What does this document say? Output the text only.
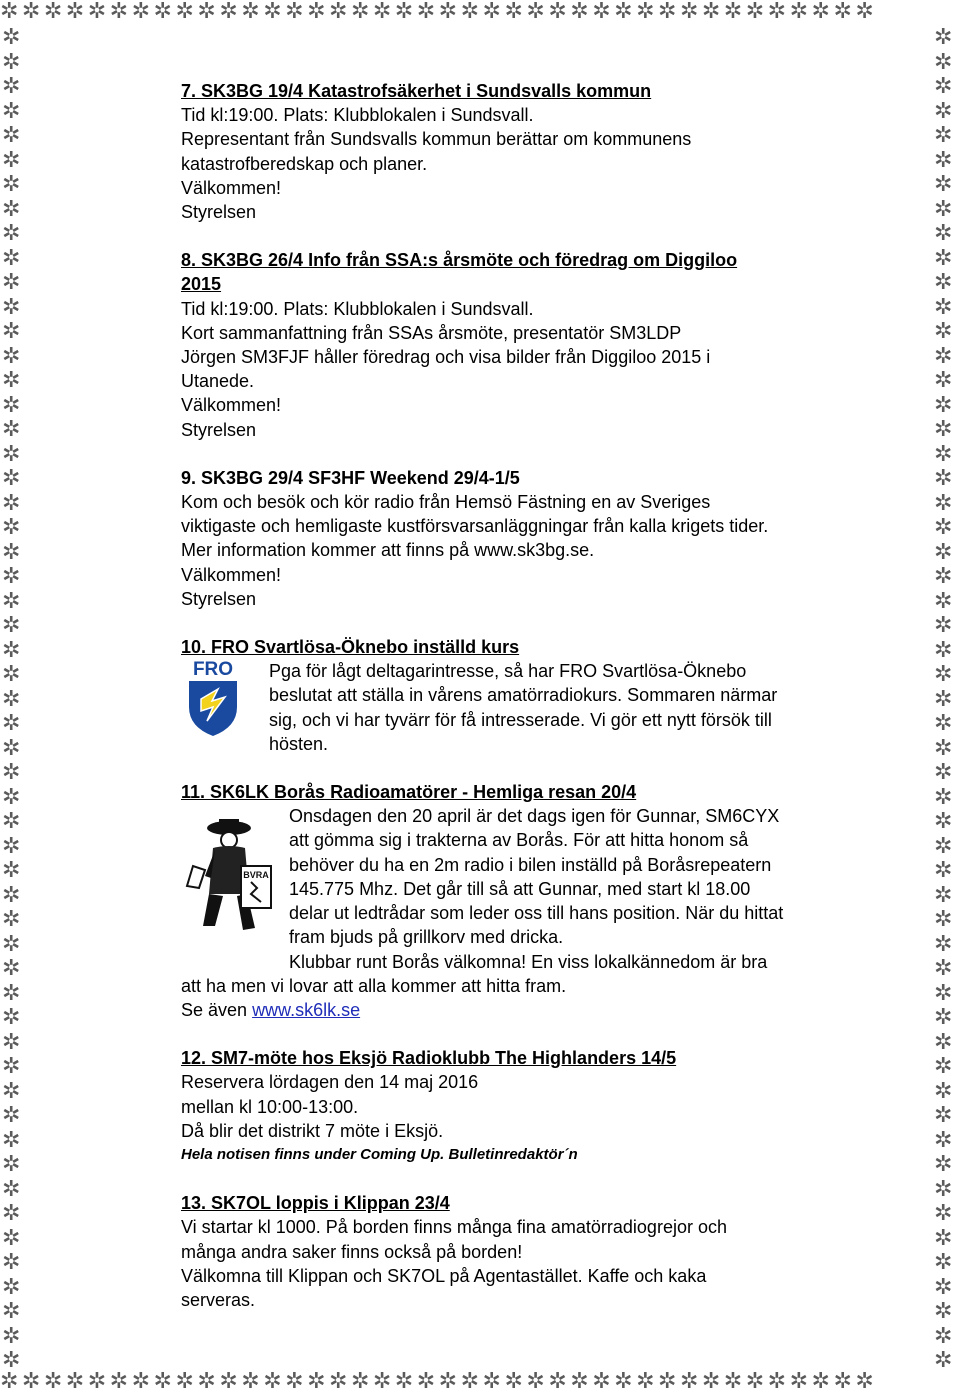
✲✲✲✲✲✲✲✲✲✲✲✲✲✲✲✲✲✲✲✲✲✲✲✲✲✲✲✲✲✲✲✲✲✲✲✲✲✲✲✲
✲✲✲✲✲✲✲✲✲✲✲✲✲✲✲✲✲✲✲✲✲✲✲✲✲✲✲✲✲✲✲✲✲✲✲✲✲✲✲✲
✲✲✲✲✲✲✲✲✲✲✲✲✲✲✲✲✲✲✲✲✲✲✲✲✲✲✲✲✲✲✲✲✲✲✲✲✲✲✲✲✲✲✲✲✲✲✲✲✲✲✲✲✲✲✲
✲✲✲✲✲✲✲✲✲✲✲✲✲✲✲✲✲✲✲✲✲✲✲✲✲✲✲✲✲✲✲✲✲✲✲✲✲✲✲✲✲✲✲✲✲✲✲✲✲✲✲✲✲✲✲
7. SK3BG 19/4 Katastrofsäkerhet i Sundsvalls kommun
Tid kl:19:00. Plats: Klubblokalen i Sundsvall.
Representant från Sundsvalls kommun berättar om kommunens
katastrofberedskap och planer.
Välkommen!
Styrelsen
8. SK3BG 26/4 Info från SSA:s årsmöte och föredrag om Diggiloo
2015
Tid kl:19:00. Plats: Klubblokalen i Sundsvall.
Kort sammanfattning från SSAs årsmöte, presentatör SM3LDP
Jörgen SM3FJF håller föredrag och visa bilder från Diggiloo 2015 i
Utanede.
Välkommen!
Styrelsen
9. SK3BG 29/4 SF3HF Weekend 29/4-1/5
Kom och besök och kör radio från Hemsö Fästning en av Sveriges
viktigaste och hemligaste kustförsvarsanläggningar från kalla krigets tider.
Mer information kommer att finns på www.sk3bg.se.
Välkommen!
Styrelsen
10. FRO Svartlösa-Öknebo inställd kurs
FRO Pga för lågt deltagarintresse, så har FRO Svartlösa-Öknebo
beslutat att ställa in vårens amatörradiokurs. Sommaren närmar
sig, och vi har tyvärr för få intresserade. Vi gör ett nytt försök till
hösten.
11. SK6LK Borås Radioamatörer - Hemliga resan 20/4
BVRA
Onsdagen den 20 april är det dags igen för Gunnar, SM6CYX
att gömma sig i trakterna av Borås. För att hitta honom så
behöver du ha en 2m radio i bilen inställd på Boråsrepeatern
145.775 Mhz. Det går till så att Gunnar, med start kl 18.00
delar ut ledtrådar som leder oss till hans position. När du hittat
fram bjuds på grillkorv med dricka.
Klubbar runt Borås välkomna! En viss lokalkännedom är bra
att ha men vi lovar att alla kommer att hitta fram.
Se även www.sk6lk.se
12. SM7-möte hos Eksjö Radioklubb The Highlanders 14/5
Reservera lördagen den 14 maj 2016
mellan kl 10:00-13:00.
Då blir det distrikt 7 möte i Eksjö.
Hela notisen finns under Coming Up. Bulletinredaktör´n
13. SK7OL loppis i Klippan 23/4
Vi startar kl 1000. På borden finns många fina amatörradiogrejor och
många andra saker finns också på borden!
Välkomna till Klippan och SK7OL på Agentastället. Kaffe och kaka
serveras.
